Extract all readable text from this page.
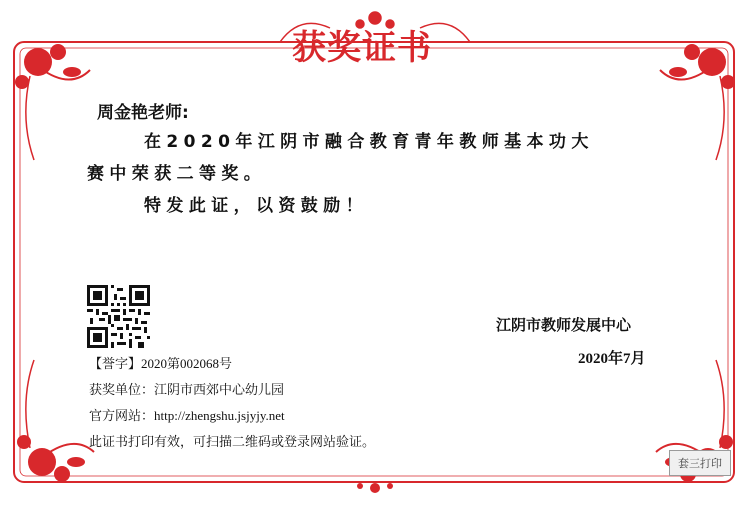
获奖证书
周金艳老师:
在2020年江阴市融合教育青年教师基本功大
赛中荣获二等奖。
特发此证，以资鼓励！
江阴市教师发展中心
2020年7月
【誉字】2020第002068号
获奖单位：江阴市西郊中心幼儿园
官方网站：http://zhengshu.jsjyjy.net
此证书打印有效，可扫描二维码或登录网站验证。
套三打印
